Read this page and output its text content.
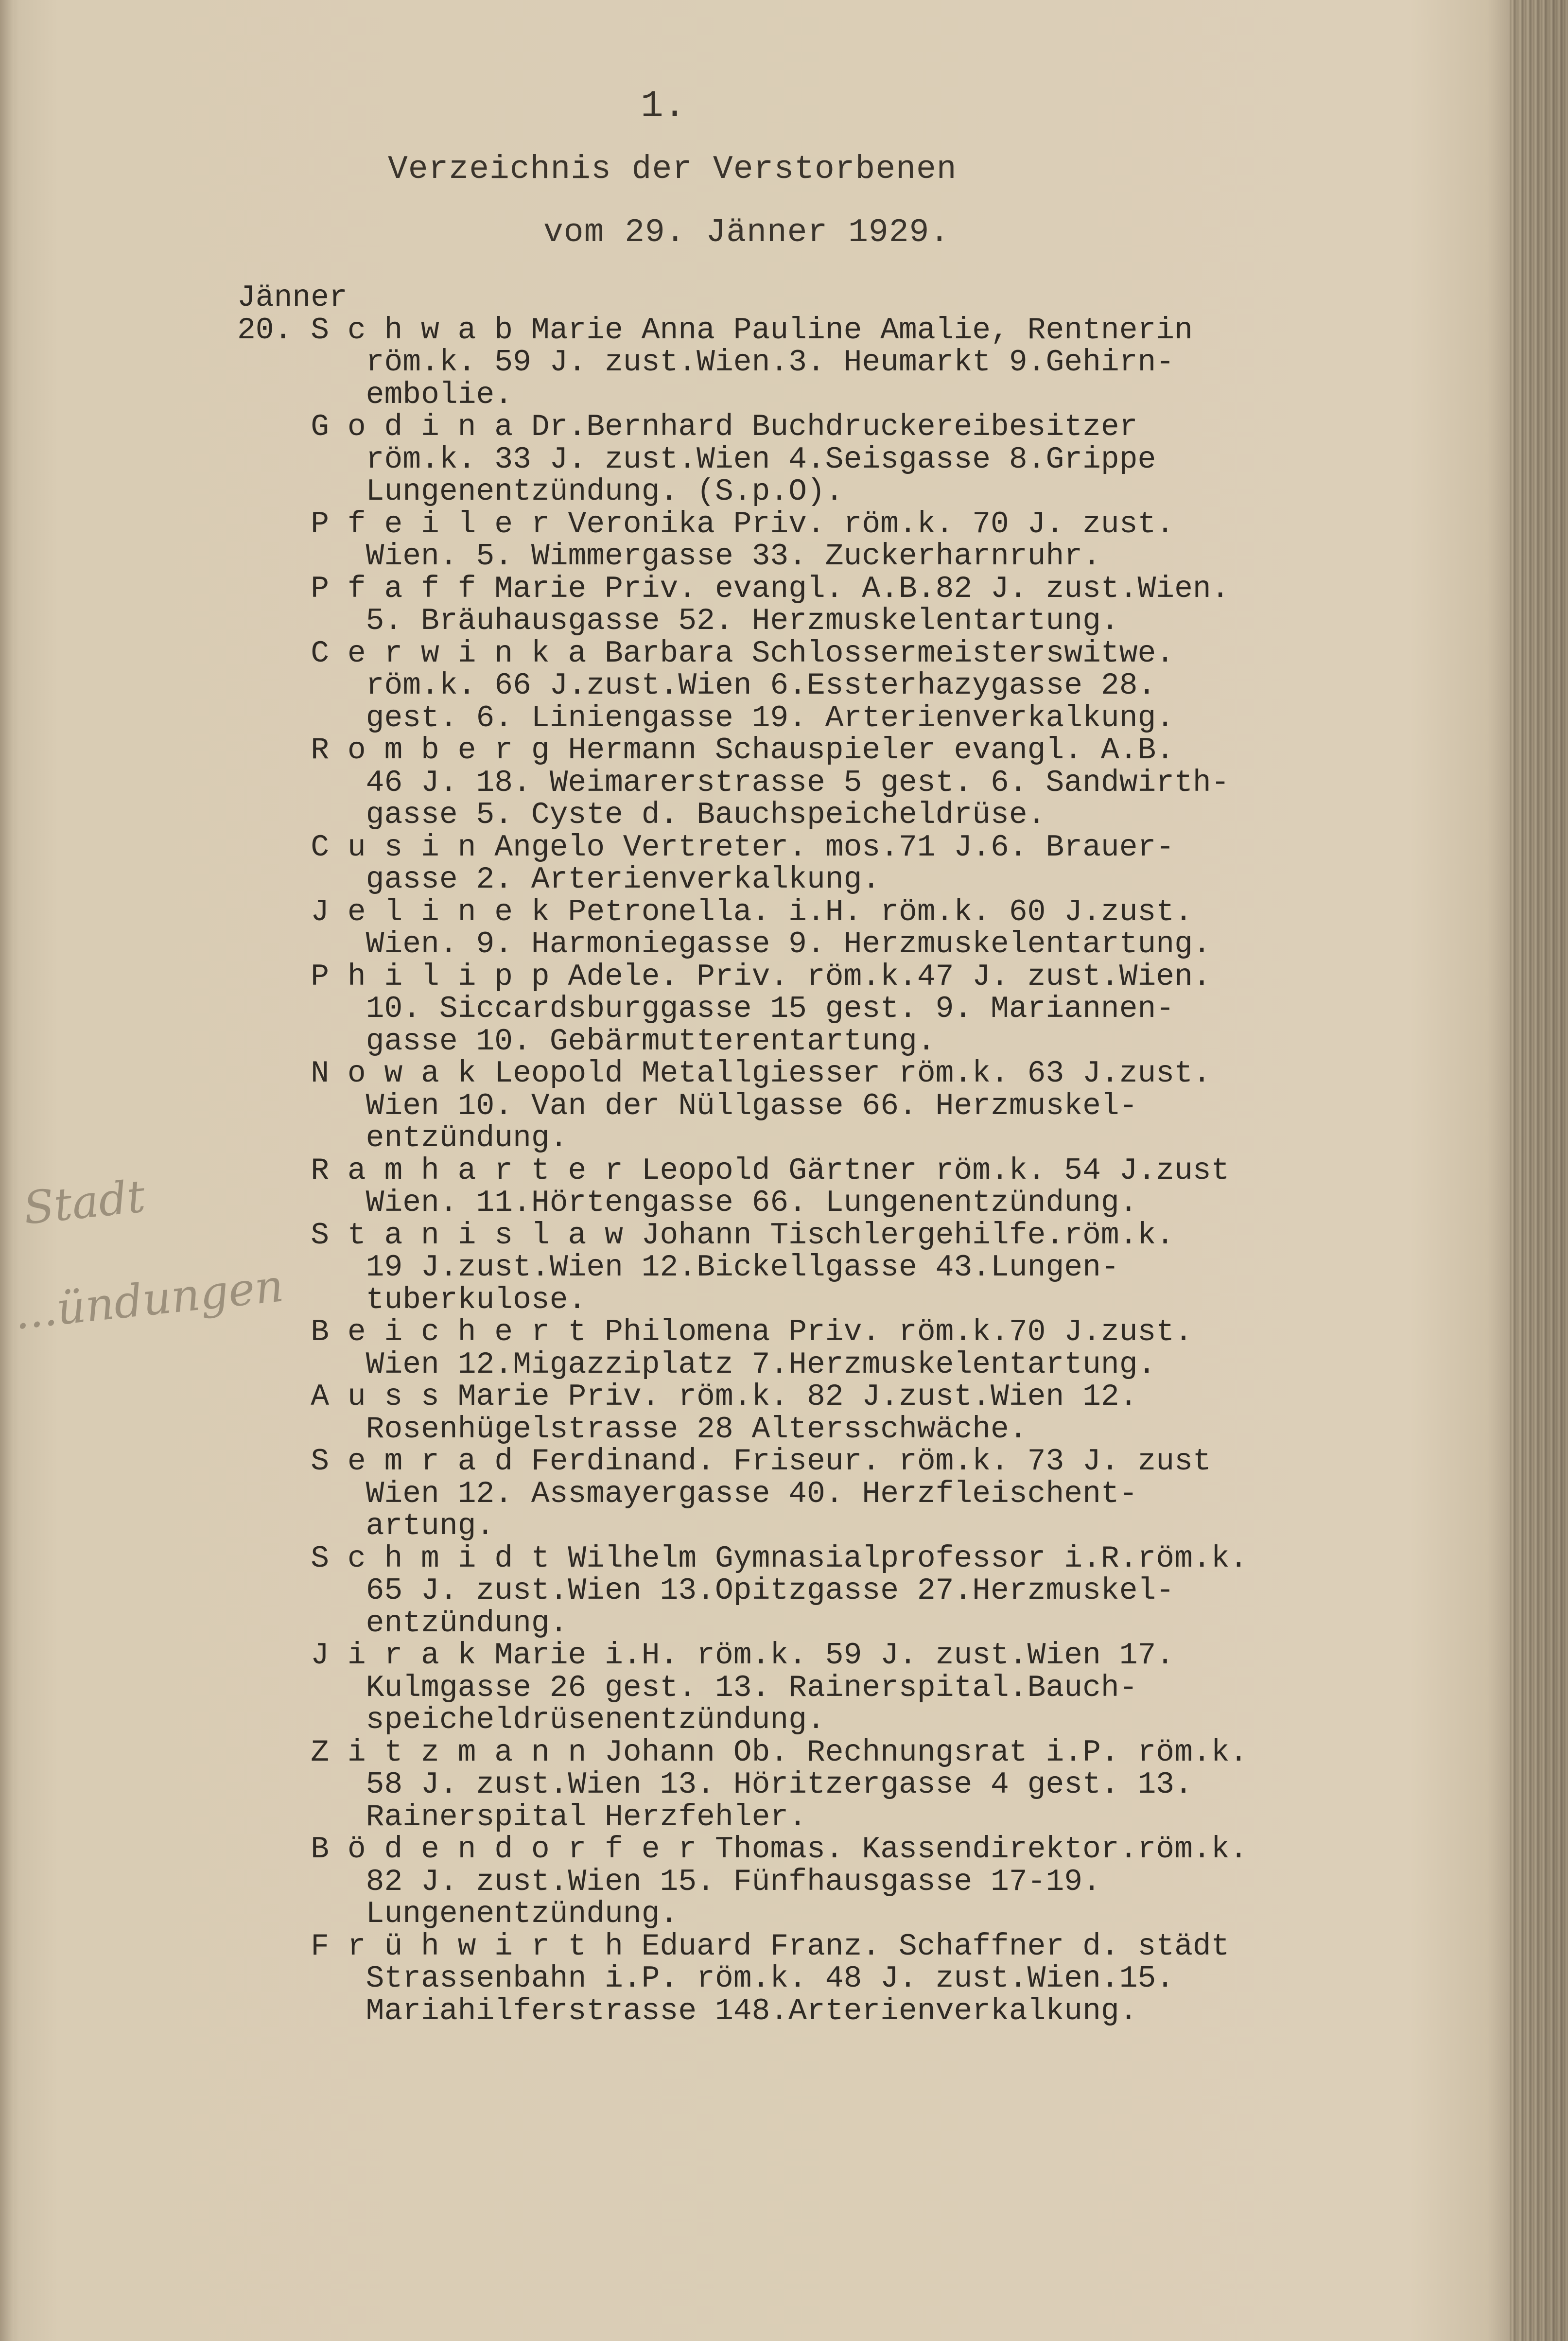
1.
Verzeichnis der Verstorbenen
vom 29. Jänner 1929.
Stadt
...ündungen
Jänner
20. S c h w a b Marie Anna Pauline Amalie, Rentnerin
röm.k. 59 J. zust.Wien.3. Heumarkt 9.Gehirn-
embolie.
G o d i n a Dr.Bernhard Buchdruckereibesitzer
röm.k. 33 J. zust.Wien 4.Seisgasse 8.Grippe
Lungenentzündung. (S.p.O).
P f e i l e r Veronika Priv. röm.k. 70 J. zust.
Wien. 5. Wimmergasse 33. Zuckerharnruhr.
P f a f f Marie Priv. evangl. A.B.82 J. zust.Wien.
5. Bräuhausgasse 52. Herzmuskelentartung.
C e r w i n k a Barbara Schlossermeisterswitwe.
röm.k. 66 J.zust.Wien 6.Essterhazygasse 28.
gest. 6. Liniengasse 19. Arterienverkalkung.
R o m b e r g Hermann Schauspieler evangl. A.B.
46 J. 18. Weimarerstrasse 5 gest. 6. Sandwirth-
gasse 5. Cyste d. Bauchspeicheldrüse.
C u s i n Angelo Vertreter. mos.71 J.6. Brauer-
gasse 2. Arterienverkalkung.
J e l i n e k Petronella. i.H. röm.k. 60 J.zust.
Wien. 9. Harmoniegasse 9. Herzmuskelentartung.
P h i l i p p Adele. Priv. röm.k.47 J. zust.Wien.
10. Siccardsburggasse 15 gest. 9. Mariannen-
gasse 10. Gebärmutterentartung.
N o w a k Leopold Metallgiesser röm.k. 63 J.zust.
Wien 10. Van der Nüllgasse 66. Herzmuskel-
entzündung.
R a m h a r t e r Leopold Gärtner röm.k. 54 J.zust
Wien. 11.Hörtengasse 66. Lungenentzündung.
S t a n i s l a w Johann Tischlergehilfe.röm.k.
19 J.zust.Wien 12.Bickellgasse 43.Lungen-
tuberkulose.
B e i c h e r t Philomena Priv. röm.k.70 J.zust.
Wien 12.Migazziplatz 7.Herzmuskelentartung.
A u s s Marie Priv. röm.k. 82 J.zust.Wien 12.
Rosenhügelstrasse 28 Altersschwäche.
S e m r a d Ferdinand. Friseur. röm.k. 73 J. zust
Wien 12. Assmayergasse 40. Herzfleischent-
artung.
S c h m i d t Wilhelm Gymnasialprofessor i.R.röm.k.
65 J. zust.Wien 13.Opitzgasse 27.Herzmuskel-
entzündung.
J i r a k Marie i.H. röm.k. 59 J. zust.Wien 17.
Kulmgasse 26 gest. 13. Rainerspital.Bauch-
speicheldrüsenentzündung.
Z i t z m a n n Johann Ob. Rechnungsrat i.P. röm.k.
58 J. zust.Wien 13. Höritzergasse 4 gest. 13.
Rainerspital Herzfehler.
B ö d e n d o r f e r Thomas. Kassendirektor.röm.k.
82 J. zust.Wien 15. Fünfhausgasse 17-19.
Lungenentzündung.
F r ü h w i r t h Eduard Franz. Schaffner d. städt
Strassenbahn i.P. röm.k. 48 J. zust.Wien.15.
Mariahilferstrasse 148.Arterienverkalkung.
